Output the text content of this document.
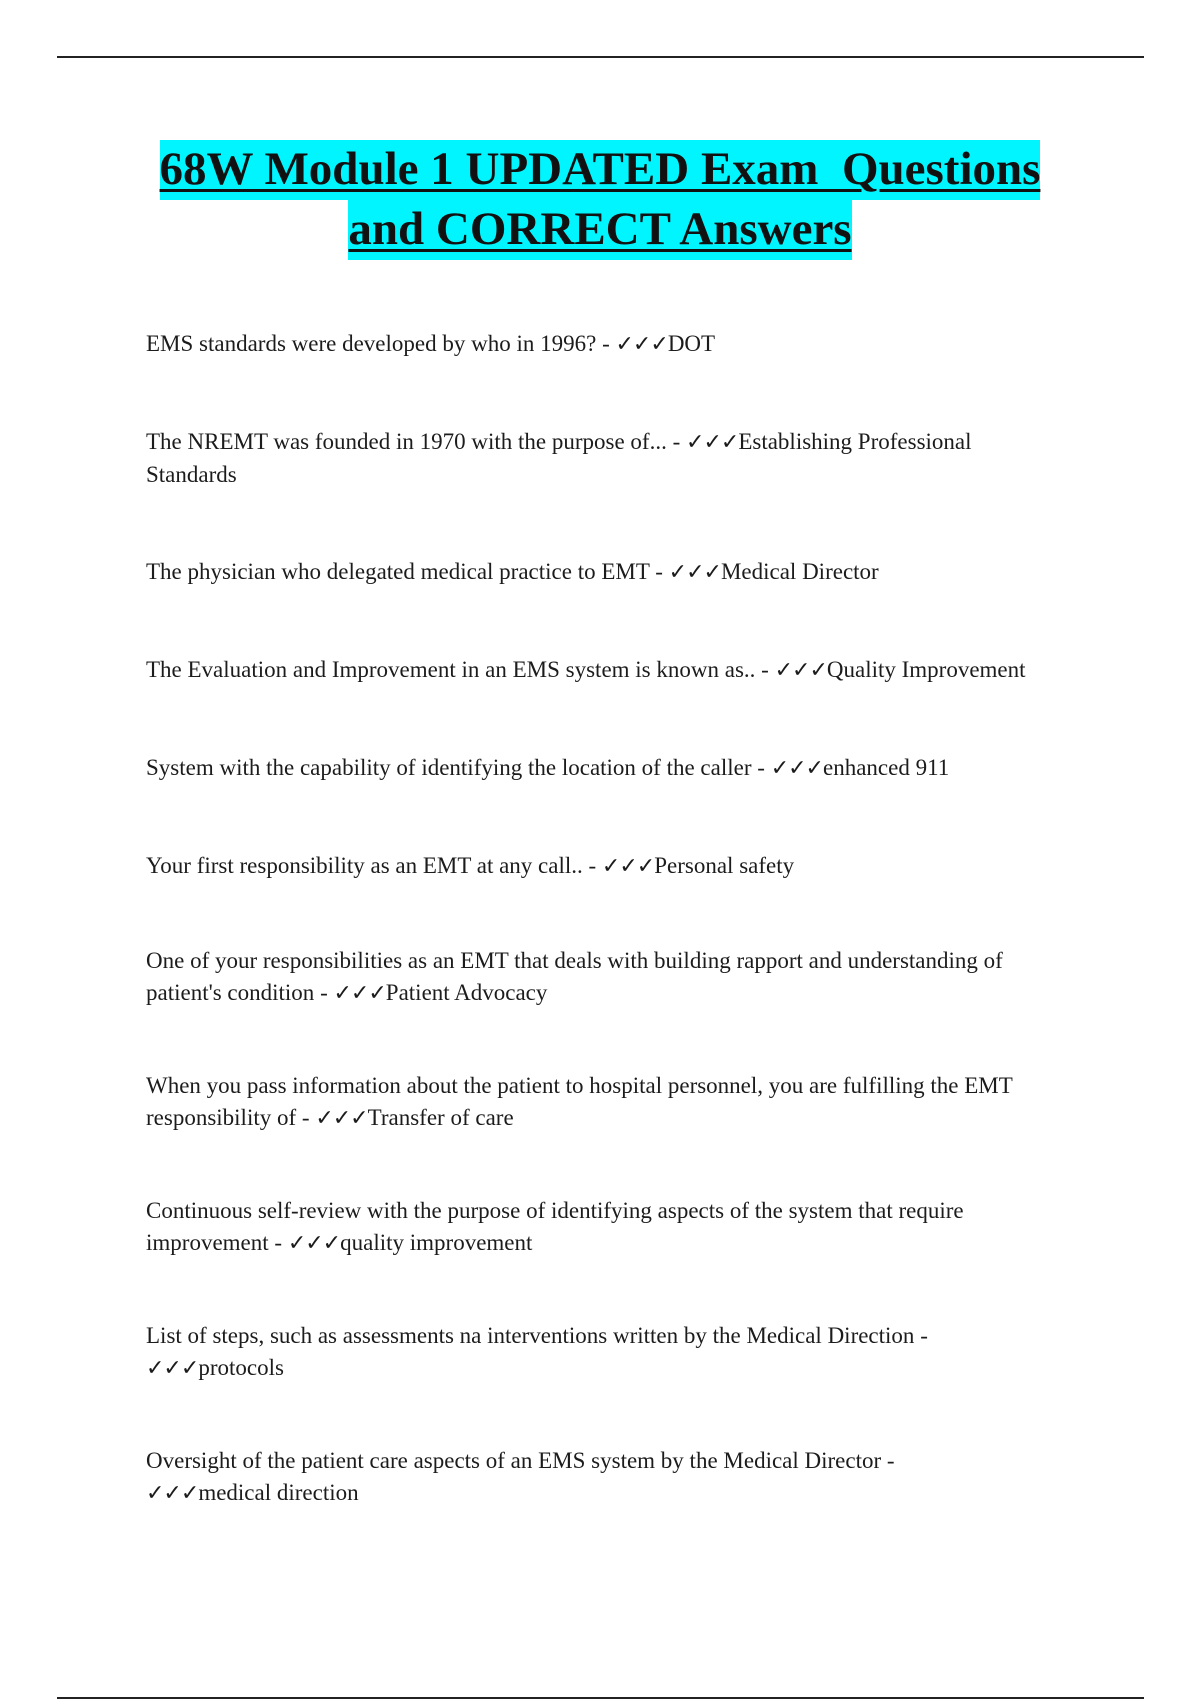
68W Module 1 UPDATED Exam  Questions
and CORRECT Answers
EMS standards were developed by who in 1996? - ✓✓✓DOT
The NREMT was founded in 1970 with the purpose of... - ✓✓✓Establishing Professional Standards
The physician who delegated medical practice to EMT - ✓✓✓Medical Director
The Evaluation and Improvement in an EMS system is known as.. - ✓✓✓Quality Improvement
System with the capability of identifying the location of the caller - ✓✓✓enhanced 911
Your first responsibility as an EMT at any call.. - ✓✓✓Personal safety
One of your responsibilities as an EMT that deals with building rapport and understanding of patient's condition - ✓✓✓Patient Advocacy
When you pass information about the patient to hospital personnel, you are fulfilling the EMT responsibility of - ✓✓✓Transfer of care
Continuous self-review with the purpose of identifying aspects of the system that require improvement - ✓✓✓quality improvement
List of steps, such as assessments na interventions written by the Medical Direction -
✓✓✓protocols
Oversight of the patient care aspects of an EMS system by the Medical Director -
✓✓✓medical direction
